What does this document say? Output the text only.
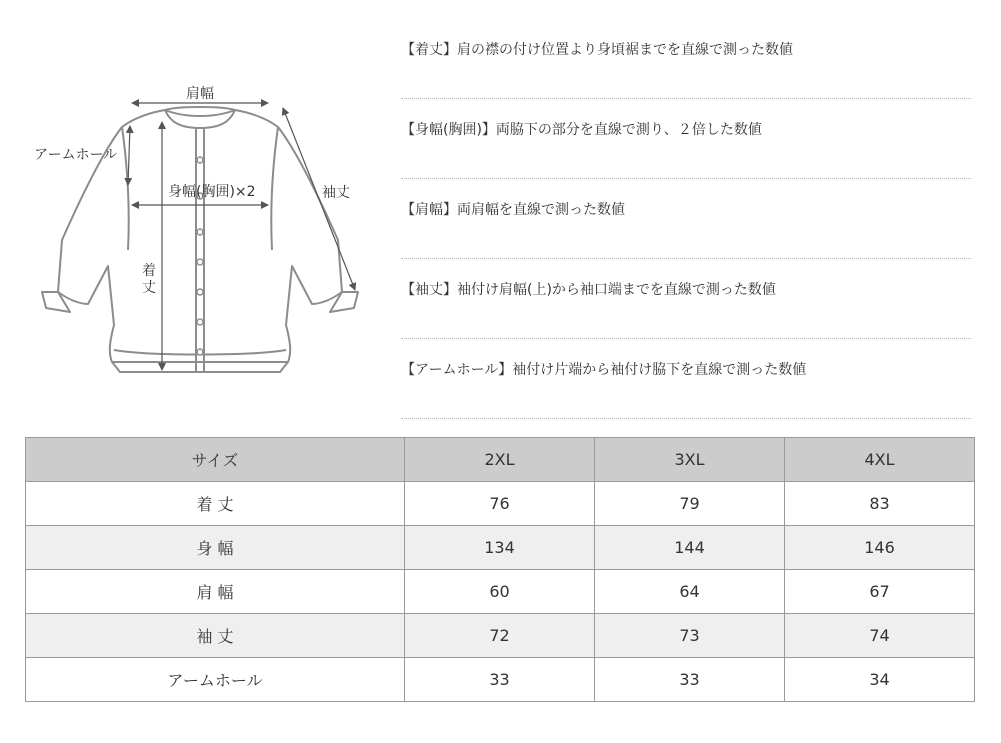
肩幅
アームホール
身幅(胸囲)×2	袖丈
着
丈
【着丈】肩の襟の付け位置より身頃裾までを直線で測った数値
【身幅(胸囲)】両脇下の部分を直線で測り、２倍した数値
【肩幅】両肩幅を直線で測った数値
【袖丈】袖付け肩幅(上)から袖口端までを直線で測った数値
【アームホール】袖付け片端から袖付け脇下を直線で測った数値
サイズ	2XL	3XL	4XL
着 丈	76	79	83
身 幅	134	144	146
肩 幅	60	64	67
袖 丈	72	73	74
アームホール	33	33	34
